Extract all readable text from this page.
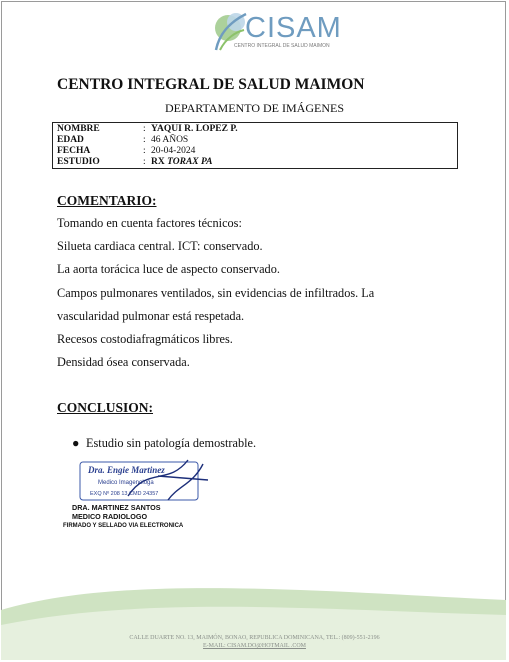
CISAM
CENTRO INTEGRAL DE SALUD MAIMON
CENTRO INTEGRAL DE SALUD MAIMON
DEPARTAMENTO DE IMÁGENES
NOMBRE	: YAQUI R. LOPEZ P.
EDAD	: 46 AÑOS
FECHA	: 20-04-2024
ESTUDIO	: RX TORAX PA
COMENTARIO:
Tomando en cuenta factores técnicos:
Silueta cardiaca central. ICT: conservado.
La aorta torácica luce de aspecto conservado.
Campos pulmonares ventilados, sin evidencias de infiltrados. La
vascularidad pulmonar está respetada.
Recesos costodiafragmáticos libres.
Densidad ósea conservada.
CONCLUSION:
● Estudio sin patología demostrable.
Dra. Engie Martinez
Medico Imagenologa
EXQ Nº 208 13 CMD 24357
DRA. MARTINEZ SANTOS
MEDICO RADIOLOGO
FIRMADO Y SELLADO VIA ELECTRONICA
CALLE DUARTE NO. 13, MAIMÓN, BONAO, REPUBLICA DOMINICANA, TEL.: (809)-551-2196
E-MAIL: CISAM.DO@HOTMAIL .COM
